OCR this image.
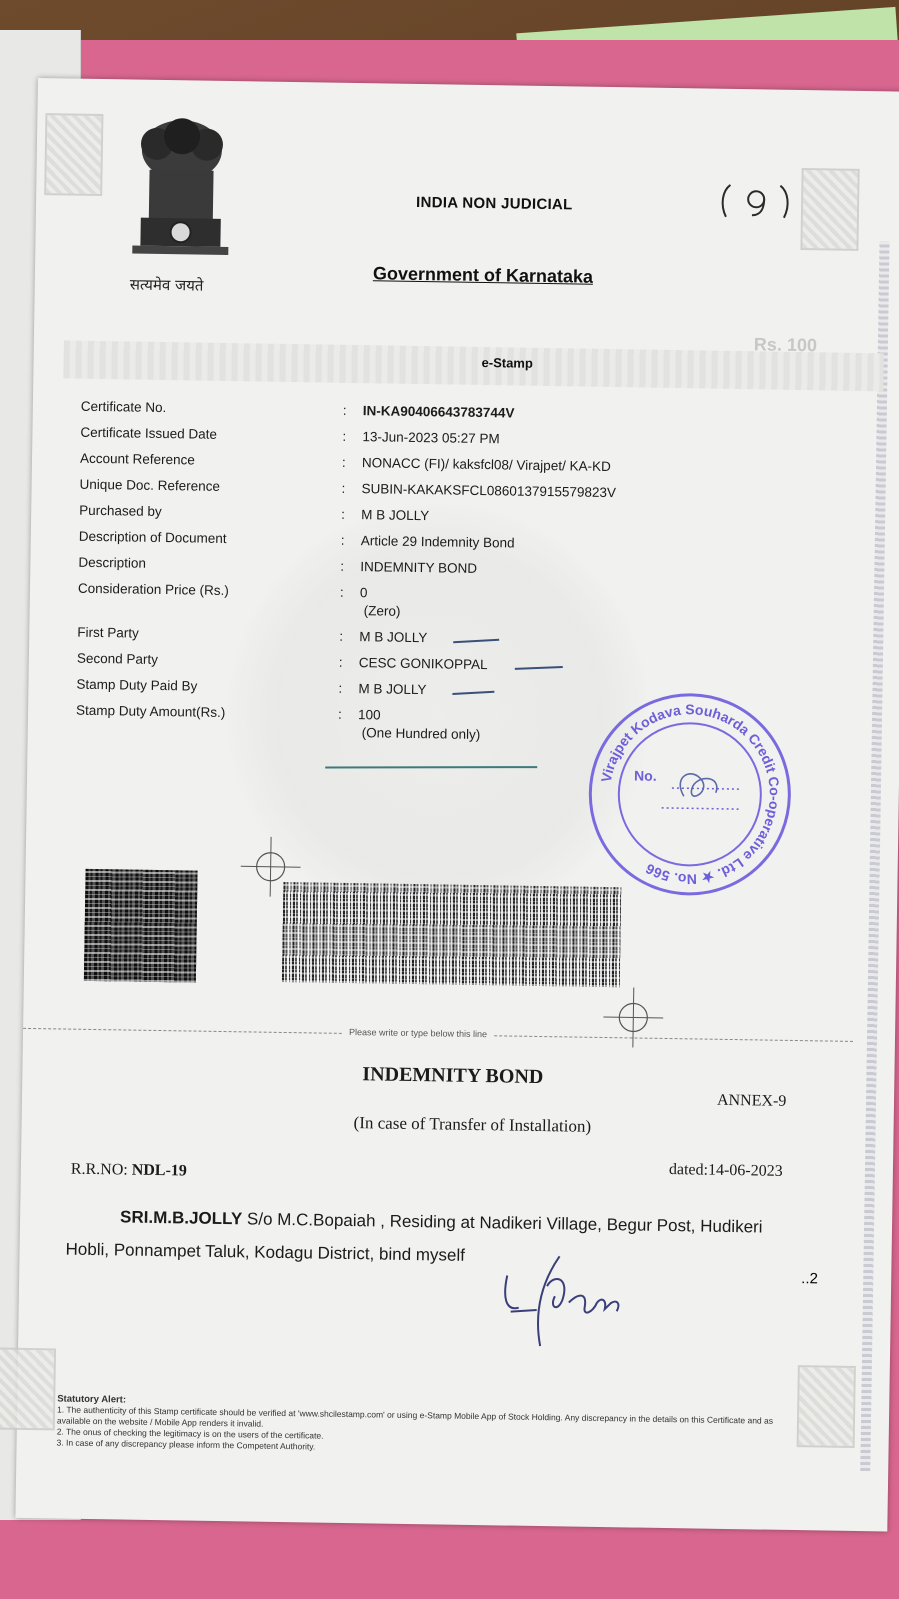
सत्यमेव जयते
INDIA NON JUDICIAL
Government of Karnataka
Rs. 100
e-Stamp
Certificate No.	: IN-KA90406643783744V
Certificate Issued Date	: 13-Jun-2023 05:27 PM
Account Reference	: NONACC (FI)/ kaksfcl08/ Virajpet/ KA-KD
Unique Doc. Reference	: SUBIN-KAKAKSFCL0860137915579823V
Purchased by	: M B JOLLY
Description of Document	: Article 29 Indemnity Bond
Description	: INDEMNITY BOND
Consideration Price (Rs.)	: 0
(Zero)
First Party	: M B JOLLY
Second Party	: CESC GONIKOPPAL
Stamp Duty Paid By	: M B JOLLY
Stamp Duty Amount(Rs.)	: 100
(One Hundred only)
Virajpet Kodava Souharda Credit Co-operative Ltd. ★ No. 566
No.
Please write or type below this line
INDEMNITY BOND
ANNEX-9
(In case of Transfer of Installation)
R.R.NO: NDL-19	dated:14-06-2023
SRI.M.B.JOLLY S/o M.C.Bopaiah , Residing at Nadikeri Village, Begur Post, Hudikeri
Hobli, Ponnampet Taluk, Kodagu District, bind myself
..2
Statutory Alert:
1. The authenticity of this Stamp certificate should be verified at 'www.shcilestamp.com' or using e-Stamp Mobile App of Stock Holding. Any discrepancy in the details on this Certificate and as available on the website / Mobile App renders it invalid.
2. The onus of checking the legitimacy is on the users of the certificate.
3. In case of any discrepancy please inform the Competent Authority.
